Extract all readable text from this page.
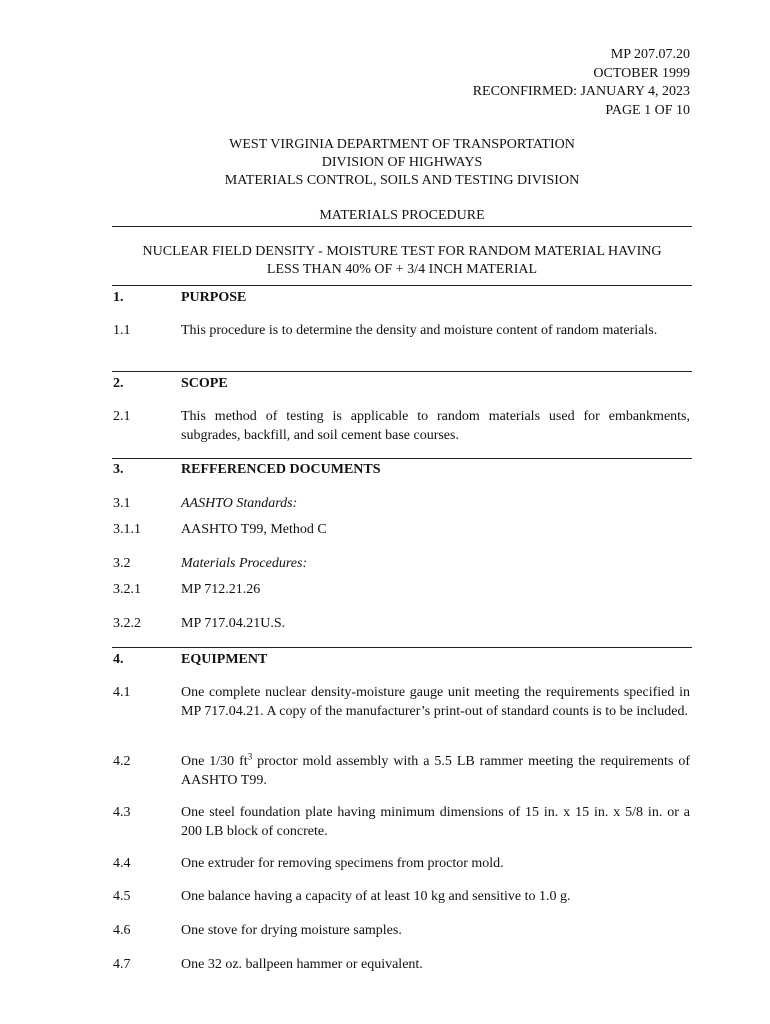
MP 207.07.20
OCTOBER 1999
RECONFIRMED: JANUARY 4, 2023
PAGE 1 OF 10
WEST VIRGINIA DEPARTMENT OF TRANSPORTATION
DIVISION OF HIGHWAYS
MATERIALS CONTROL, SOILS AND TESTING DIVISION
MATERIALS PROCEDURE
NUCLEAR FIELD DENSITY - MOISTURE TEST FOR RANDOM MATERIAL HAVING
LESS THAN 40% OF + 3/4 INCH MATERIAL
1.	PURPOSE
1.1	This procedure is to determine the density and moisture content of random materials.
2.	SCOPE
2.1	This method of testing is applicable to random materials used for embankments, subgrades, backfill, and soil cement base courses.
3.	REFFERENCED DOCUMENTS
3.1	AASHTO Standards:
3.1.1	AASHTO T99, Method C
3.2	Materials Procedures:
3.2.1	MP 712.21.26
3.2.2	MP 717.04.21U.S.
4.	EQUIPMENT
4.1	One complete nuclear density-moisture gauge unit meeting the requirements specified in MP 717.04.21. A copy of the manufacturer’s print-out of standard counts is to be included.
4.2	One 1/30 $ft^3$ proctor mold assembly with a 5.5 LB rammer meeting the requirements of AASHTO T99.
4.3	One steel foundation plate having minimum dimensions of 15 in. x 15 in. x 5/8 in. or a 200 LB block of concrete.
4.4	One extruder for removing specimens from proctor mold.
4.5	One balance having a capacity of at least 10 kg and sensitive to 1.0 g.
4.6	One stove for drying moisture samples.
4.7	One 32 oz. ballpeen hammer or equivalent.
